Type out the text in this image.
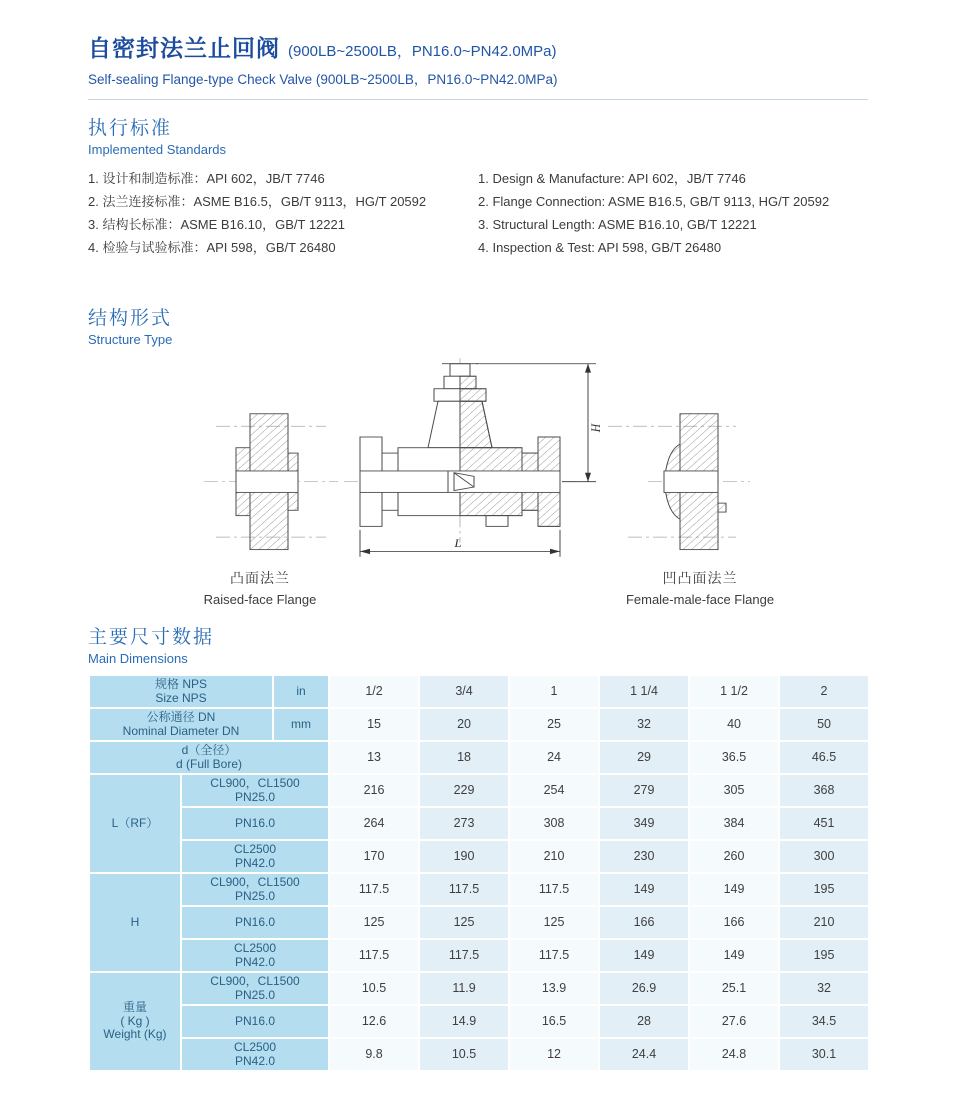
自密封法兰止回阀 (900LB~2500LB，PN16.0~PN42.0MPa)
Self-sealing Flange-type Check Valve (900LB~2500LB，PN16.0~PN42.0MPa)
执行标准
Implemented Standards
1. 设计和制造标准：API 602，JB/T 7746
2. 法兰连接标准：ASME B16.5，GB/T 9113，HG/T 20592
3. 结构长标准：ASME B16.10，GB/T 12221
4. 检验与试验标准：API 598，GB/T 26480
1. Design & Manufacture: API 602，JB/T 7746
2. Flange Connection: ASME B16.5, GB/T 9113, HG/T 20592
3. Structural Length: ASME B16.10, GB/T 12221
4. Inspection & Test: API 598, GB/T 26480
结构形式
Structure Type
H
L
凸面法兰
Raised-face Flange
凹凸面法兰
Female-male-face Flange
主要尺寸数据
Main Dimensions
规格 NPS
Size NPS		in	1/2	3/4	1	1 1/4	1 1/2	2

公称通径 DN
Nominal Diameter DN		mm	15	20	25	32	40	50

d（全径）
d (Full Bore)			13	18	24	29	36.5	46.5

L（RF）	CL900，CL1500
PN25.0		216	229	254	279	305	368

	PN16.0		264	273	308	349	384	451

	CL2500
PN42.0		170	190	210	230	260	300

H	CL900，CL1500
PN25.0		117.5	117.5	117.5	149	149	195

	PN16.0		125	125	125	166	166	210

	CL2500
PN42.0		117.5	117.5	117.5	149	149	195

重量
( Kg )
Weight (Kg)

CL900，CL1500
PN25.0	10.5	11.9	13.9	26.9	25.1	32

	PN16.0		12.6	14.9	16.5	28	27.6	34.5

	CL2500
PN42.0		9.8	10.5	12	24.4	24.8	30.1
